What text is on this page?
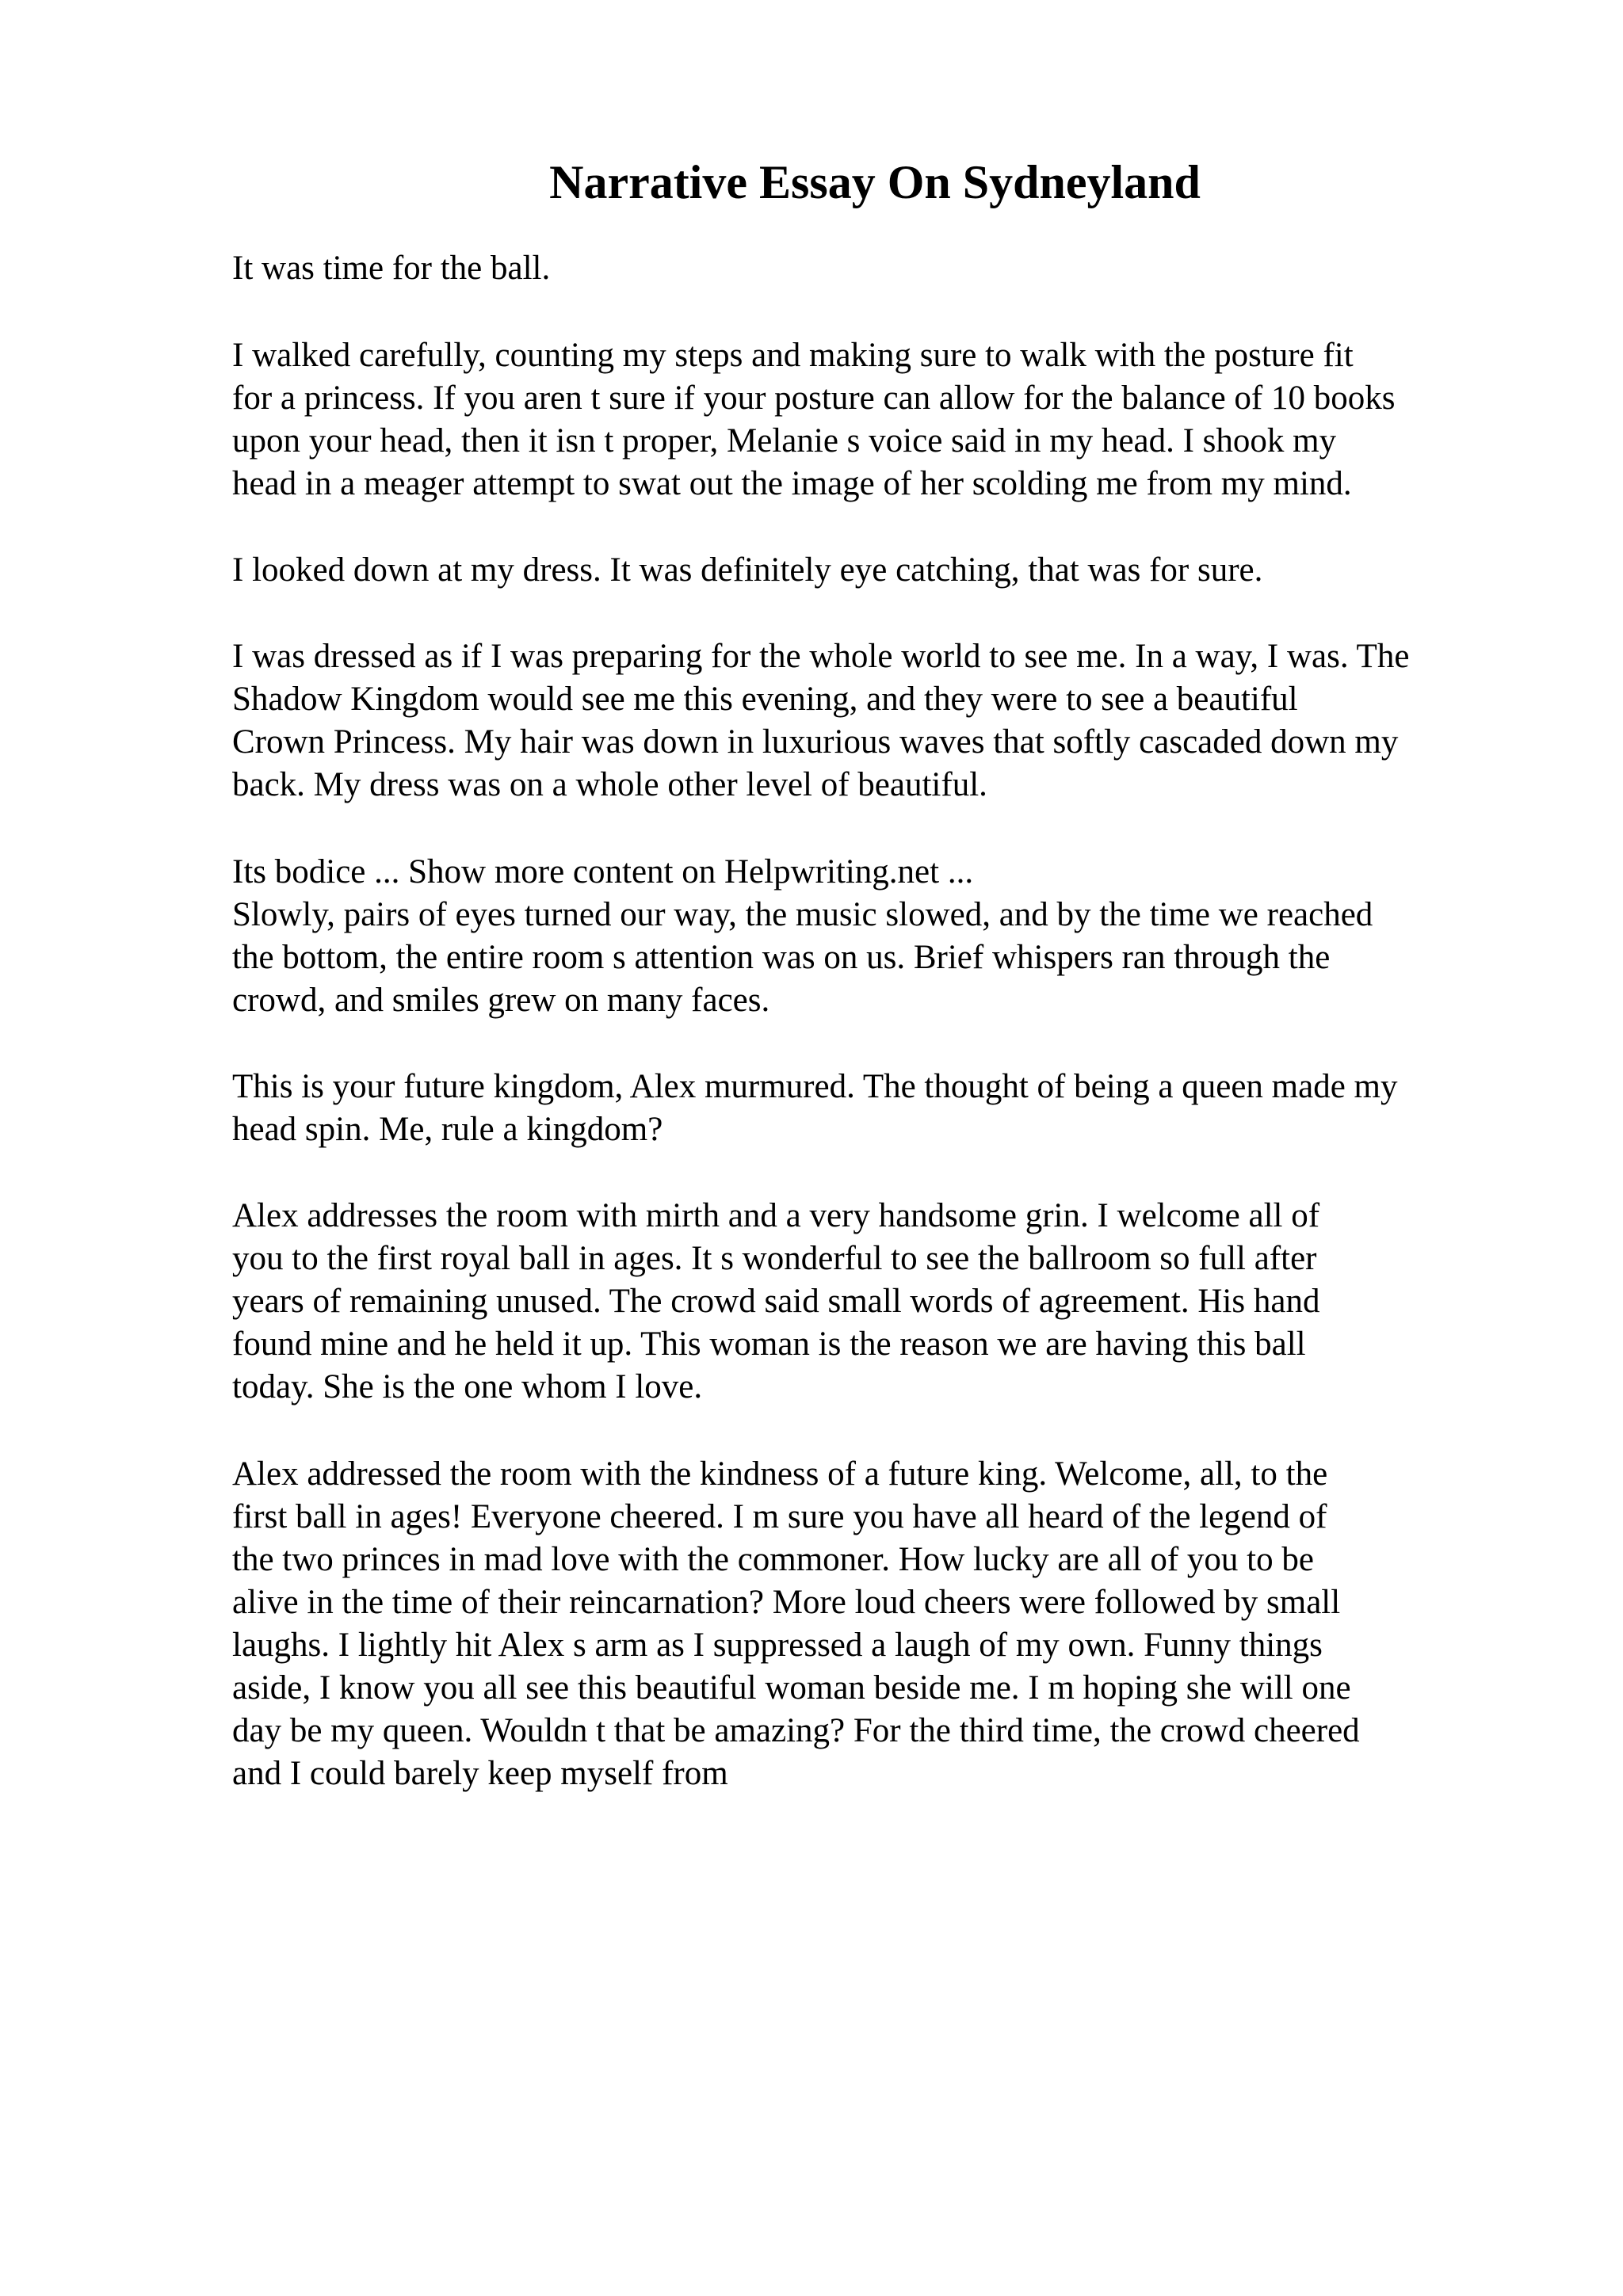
Narrative Essay On Sydneyland

It was time for the ball.

I walked carefully, counting my steps and making sure to walk with the posture fit

for a princess. If you aren t sure if your posture can allow for the balance of 10 books

upon your head, then it isn t proper, Melanie s voice said in my head. I shook my

head in a meager attempt to swat out the image of her scolding me from my mind.

I looked down at my dress. It was definitely eye catching, that was for sure.

I was dressed as if I was preparing for the whole world to see me. In a way, I was. The

Shadow Kingdom would see me this evening, and they were to see a beautiful

Crown Princess. My hair was down in luxurious waves that softly cascaded down my

back. My dress was on a whole other level of beautiful.

Its bodice ... Show more content on Helpwriting.net ...

Slowly, pairs of eyes turned our way, the music slowed, and by the time we reached

the bottom, the entire room s attention was on us. Brief whispers ran through the

crowd, and smiles grew on many faces.

This is your future kingdom, Alex murmured. The thought of being a queen made my

head spin. Me, rule a kingdom?

Alex addresses the room with mirth and a very handsome grin. I welcome all of

you to the first royal ball in ages. It s wonderful to see the ballroom so full after

years of remaining unused. The crowd said small words of agreement. His hand

found mine and he held it up. This woman is the reason we are having this ball

today. She is the one whom I love.

Alex addressed the room with the kindness of a future king. Welcome, all, to the

first ball in ages! Everyone cheered. I m sure you have all heard of the legend of

the two princes in mad love with the commoner. How lucky are all of you to be

alive in the time of their reincarnation? More loud cheers were followed by small

laughs. I lightly hit Alex s arm as I suppressed a laugh of my own. Funny things

aside, I know you all see this beautiful woman beside me. I m hoping she will one

day be my queen. Wouldn t that be amazing? For the third time, the crowd cheered

and I could barely keep myself from
